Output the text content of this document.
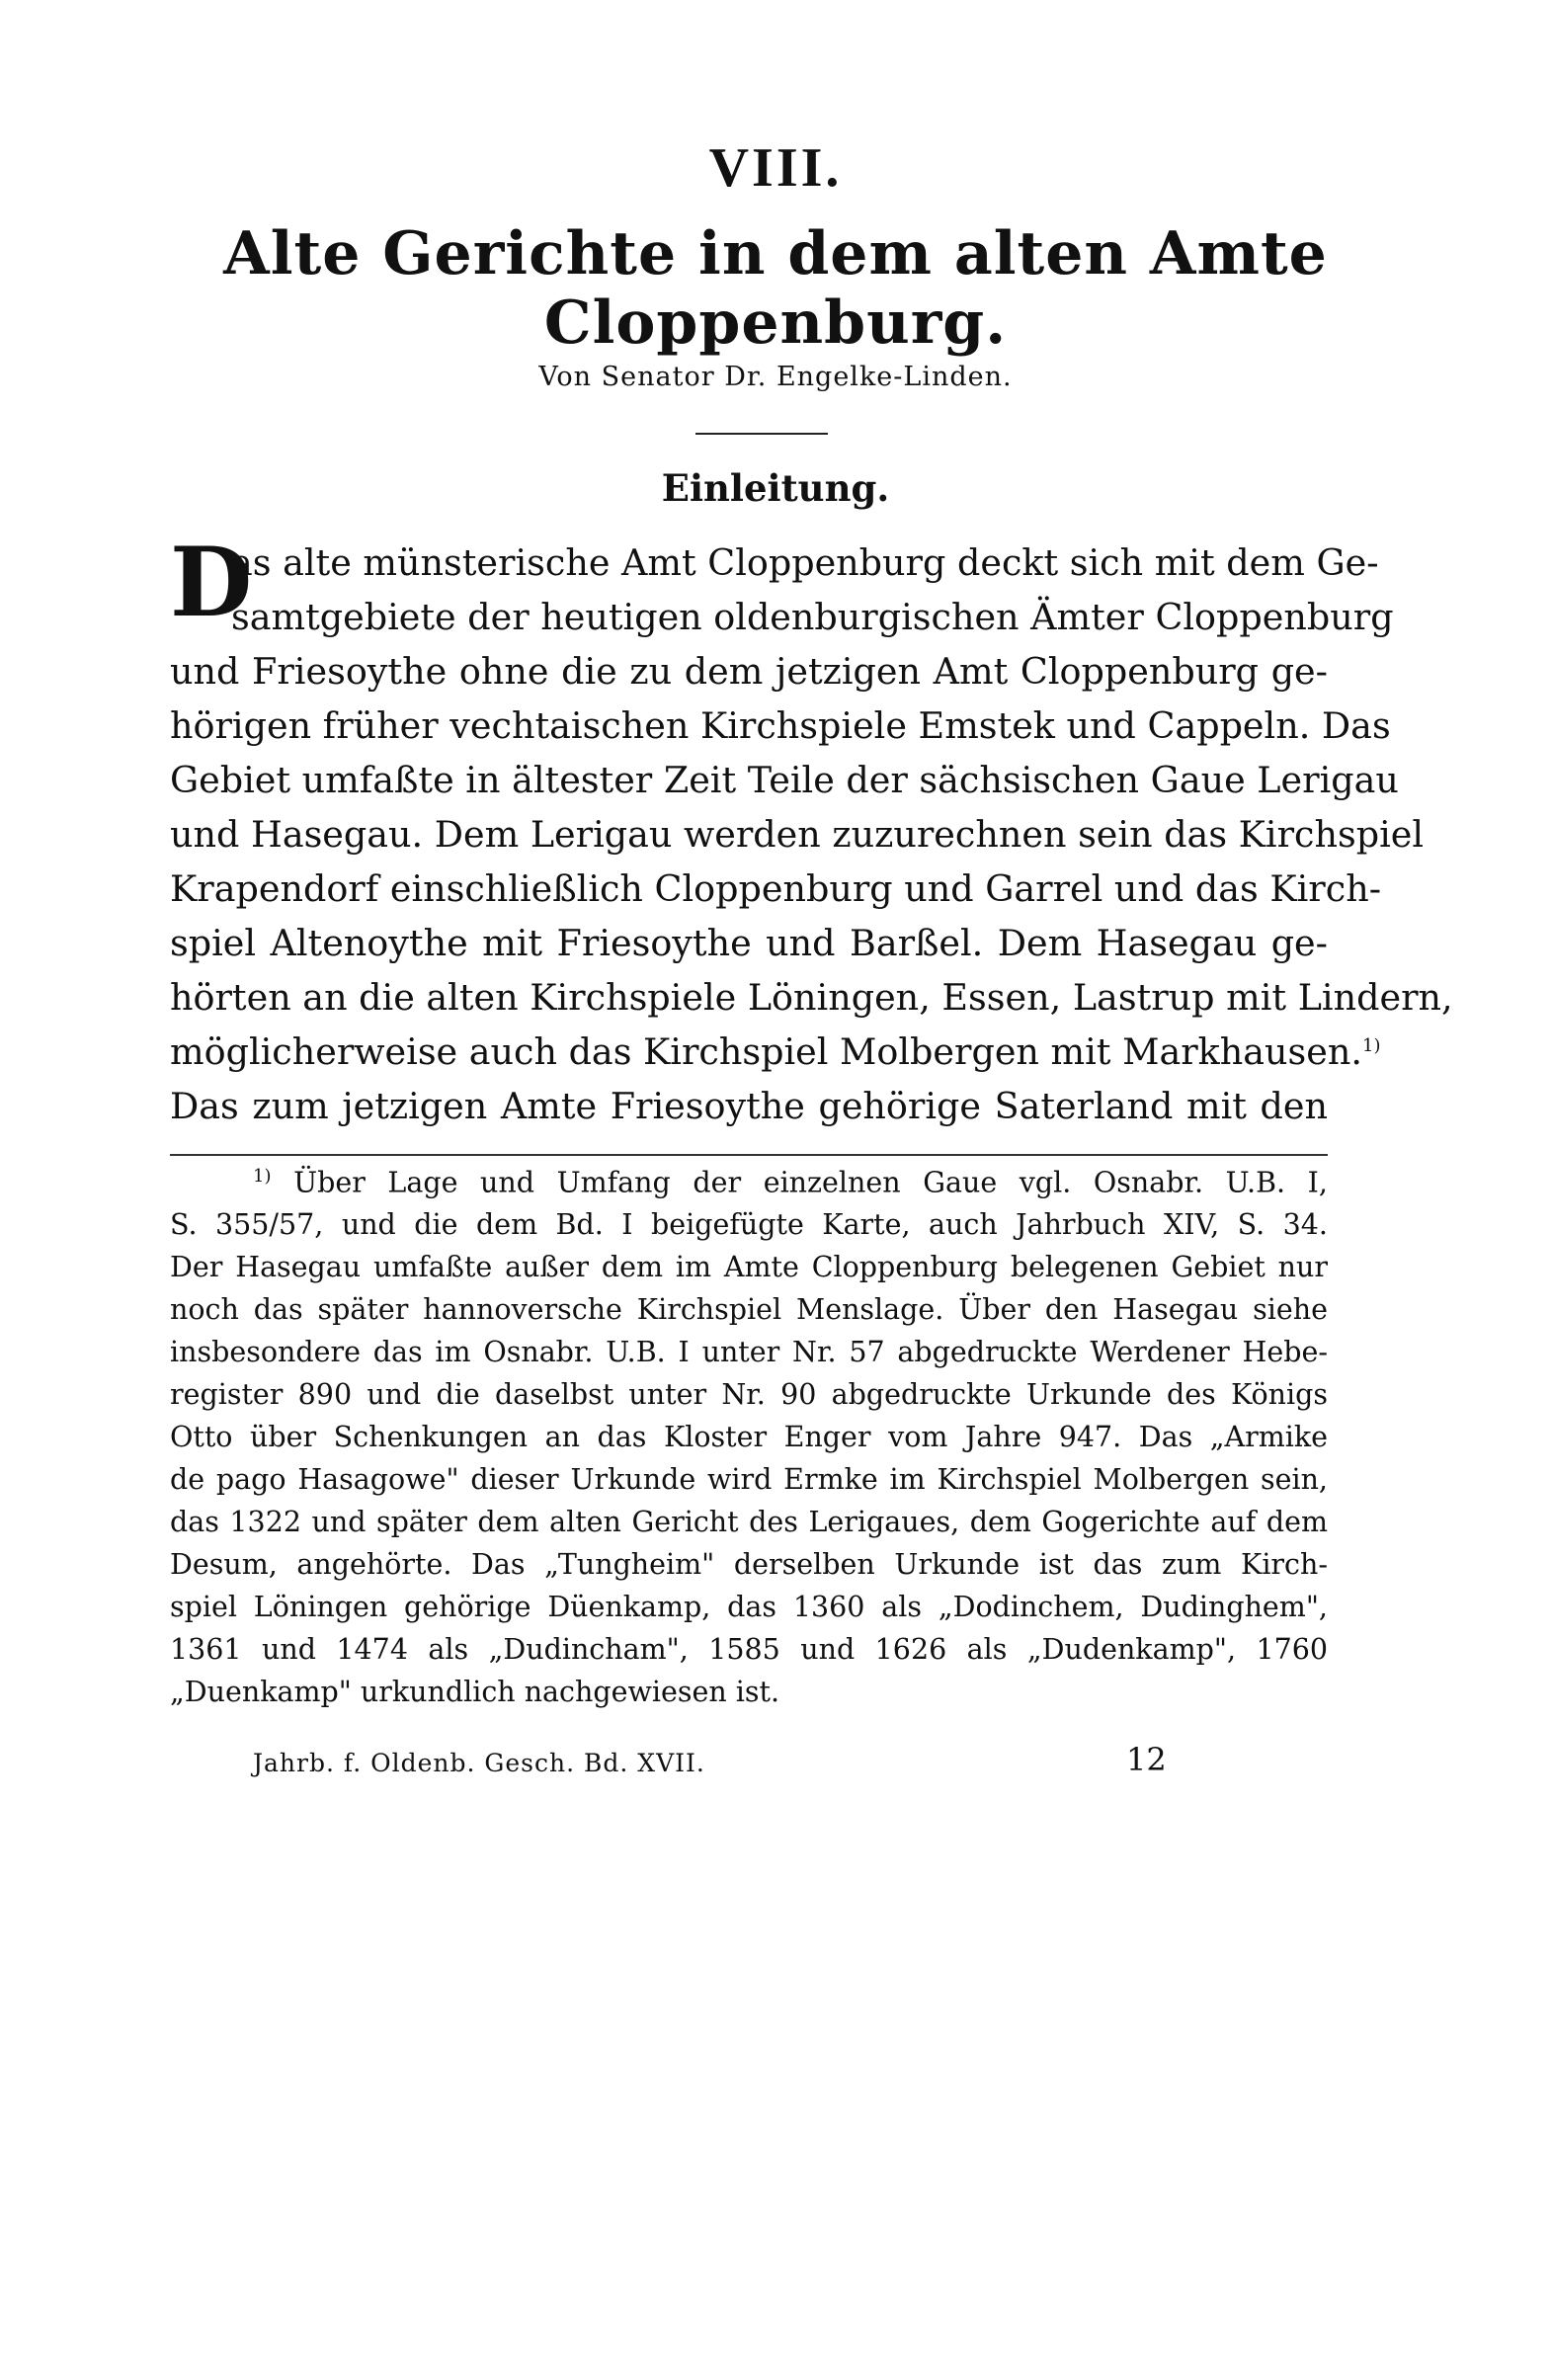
VIII.
Alte Gerichte in dem alten Amte
Cloppenburg.
Von Senator Dr. Engelke-Linden.
Einleitung.
D
as alte münsterische Amt Cloppenburg deckt sich mit dem Ge-
samtgebiete der heutigen oldenburgischen Ämter Cloppenburg
und Friesoythe ohne die zu dem jetzigen Amt Cloppenburg ge-
hörigen früher vechtaischen Kirchspiele Emstek und Cappeln. Das
Gebiet umfaßte in ältester Zeit Teile der sächsischen Gaue Lerigau
und Hasegau. Dem Lerigau werden zuzurechnen sein das Kirchspiel
Krapendorf einschließlich Cloppenburg und Garrel und das Kirch-
spiel Altenoythe mit Friesoythe und Barßel. Dem Hasegau ge-
hörten an die alten Kirchspiele Löningen, Essen, Lastrup mit Lindern,
möglicherweise auch das Kirchspiel Molbergen mit Markhausen.$^{1)}$
Das zum jetzigen Amte Friesoythe gehörige Saterland mit den
$^{1)}$ Über Lage und Umfang der einzelnen Gaue vgl. Osnabr. U.B. I,
S. 355/57, und die dem Bd. I beigefügte Karte, auch Jahrbuch XIV, S. 34.
Der Hasegau umfaßte außer dem im Amte Cloppenburg belegenen Gebiet nur
noch das später hannoversche Kirchspiel Menslage. Über den Hasegau siehe
insbesondere das im Osnabr. U.B. I unter Nr. 57 abgedruckte Werdener Hebe-
register 890 und die daselbst unter Nr. 90 abgedruckte Urkunde des Königs
Otto über Schenkungen an das Kloster Enger vom Jahre 947. Das „Armike
de pago Hasagowe" dieser Urkunde wird Ermke im Kirchspiel Molbergen sein,
das 1322 und später dem alten Gericht des Lerigaues, dem Gogerichte auf dem
Desum, angehörte. Das „Tungheim" derselben Urkunde ist das zum Kirch-
spiel Löningen gehörige Düenkamp, das 1360 als „Dodinchem, Dudinghem",
1361 und 1474 als „Dudincham", 1585 und 1626 als „Dudenkamp", 1760
„Duenkamp" urkundlich nachgewiesen ist.
Jahrb. f. Oldenb. Gesch. Bd. XVII.	12
